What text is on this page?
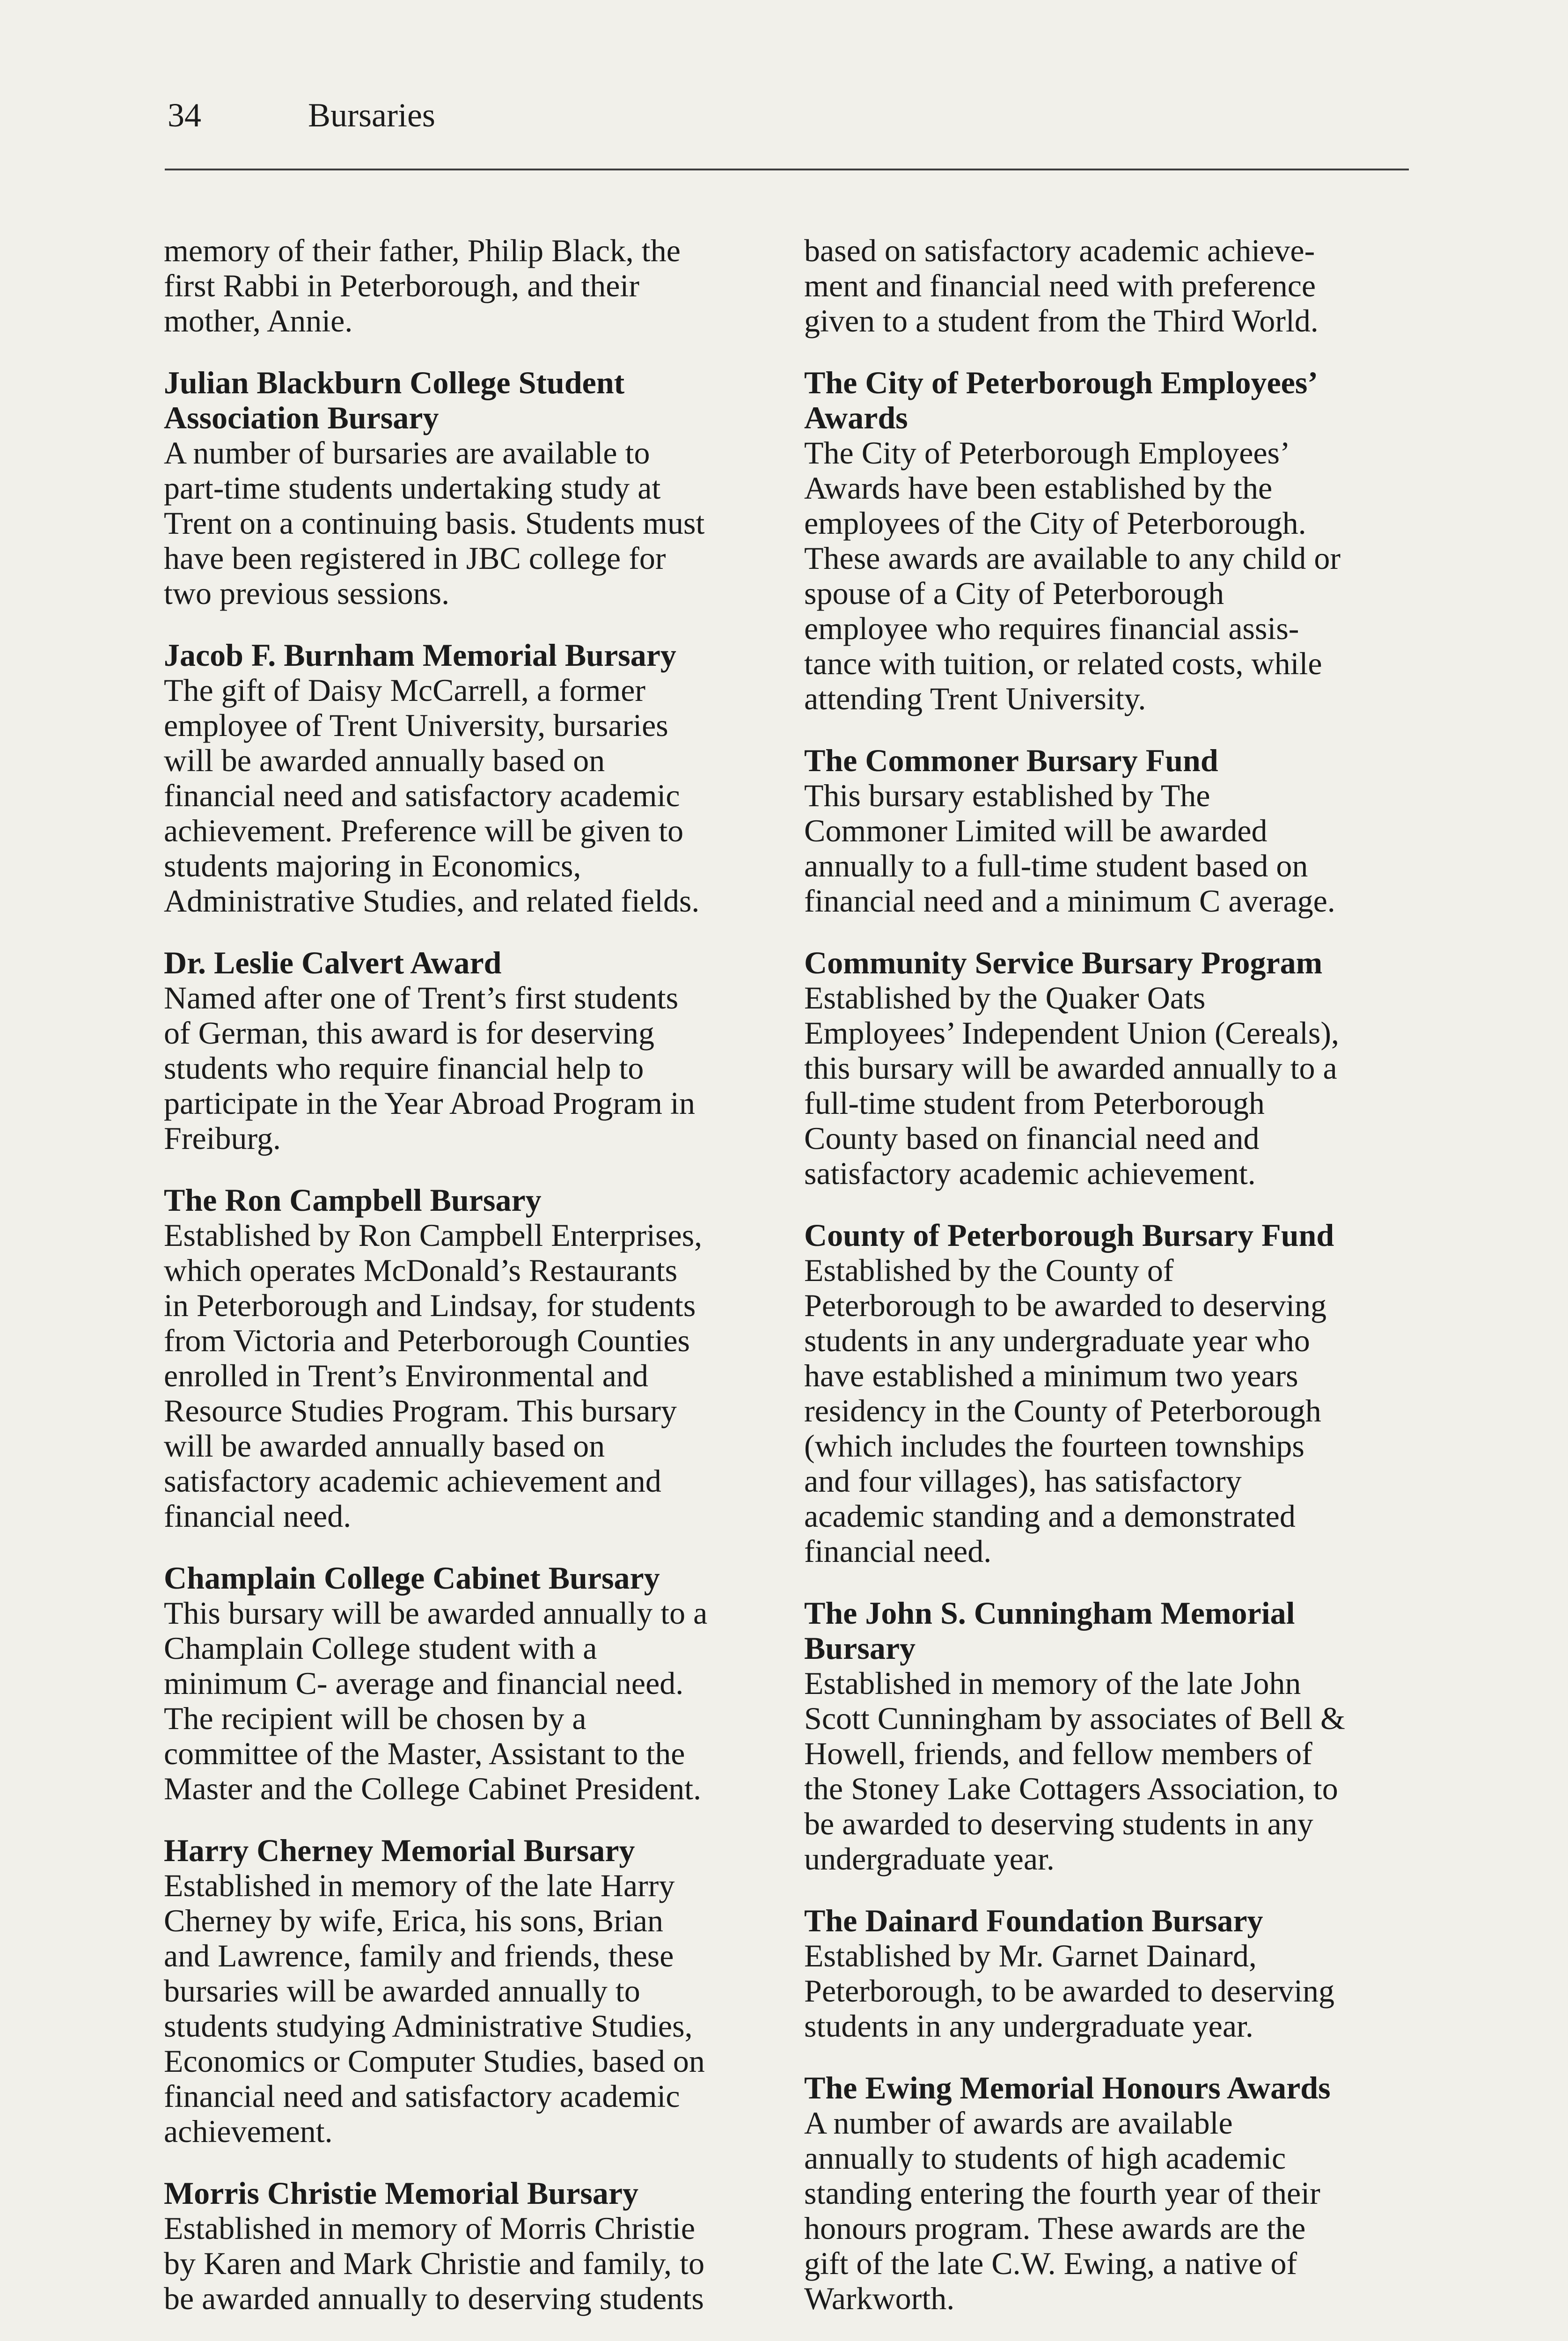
34	Bursaries
memory of their father, Philip Black, the
first Rabbi in Peterborough, and their
mother, Annie.
Julian Blackburn College Student
Association Bursary
A number of bursaries are available to
part-time students undertaking study at
Trent on a continuing basis. Students must
have been registered in JBC college for
two previous sessions.
Jacob F. Burnham Memorial Bursary
The gift of Daisy McCarrell, a former
employee of Trent University, bursaries
will be awarded annually based on
financial need and satisfactory academic
achievement. Preference will be given to
students majoring in Economics,
Administrative Studies, and related fields.
Dr. Leslie Calvert Award
Named after one of Trent’s first students
of German, this award is for deserving
students who require financial help to
participate in the Year Abroad Program in
Freiburg.
The Ron Campbell Bursary
Established by Ron Campbell Enterprises,
which operates McDonald’s Restaurants
in Peterborough and Lindsay, for students
from Victoria and Peterborough Counties
enrolled in Trent’s Environmental and
Resource Studies Program. This bursary
will be awarded annually based on
satisfactory academic achievement and
financial need.
Champlain College Cabinet Bursary
This bursary will be awarded annually to a
Champlain College student with a
minimum C- average and financial need.
The recipient will be chosen by a
committee of the Master, Assistant to the
Master and the College Cabinet President.
Harry Cherney Memorial Bursary
Established in memory of the late Harry
Cherney by wife, Erica, his sons, Brian
and Lawrence, family and friends, these
bursaries will be awarded annually to
students studying Administrative Studies,
Economics or Computer Studies, based on
financial need and satisfactory academic
achievement.
Morris Christie Memorial Bursary
Established in memory of Morris Christie
by Karen and Mark Christie and family, to
be awarded annually to deserving students
based on satisfactory academic achieve-
ment and financial need with preference
given to a student from the Third World.
The City of Peterborough Employees’
Awards
The City of Peterborough Employees’
Awards have been established by the
employees of the City of Peterborough.
These awards are available to any child or
spouse of a City of Peterborough
employee who requires financial assis-
tance with tuition, or related costs, while
attending Trent University.
The Commoner Bursary Fund
This bursary established by The
Commoner Limited will be awarded
annually to a full-time student based on
financial need and a minimum C average.
Community Service Bursary Program
Established by the Quaker Oats
Employees’ Independent Union (Cereals),
this bursary will be awarded annually to a
full-time student from Peterborough
County based on financial need and
satisfactory academic achievement.
County of Peterborough Bursary Fund
Established by the County of
Peterborough to be awarded to deserving
students in any undergraduate year who
have established a minimum two years
residency in the County of Peterborough
(which includes the fourteen townships
and four villages), has satisfactory
academic standing and a demonstrated
financial need.
The John S. Cunningham Memorial
Bursary
Established in memory of the late John
Scott Cunningham by associates of Bell &
Howell, friends, and fellow members of
the Stoney Lake Cottagers Association, to
be awarded to deserving students in any
undergraduate year.
The Dainard Foundation Bursary
Established by Mr. Garnet Dainard,
Peterborough, to be awarded to deserving
students in any undergraduate year.
The Ewing Memorial Honours Awards
A number of awards are available
annually to students of high academic
standing entering the fourth year of their
honours program. These awards are the
gift of the late C.W. Ewing, a native of
Warkworth.
